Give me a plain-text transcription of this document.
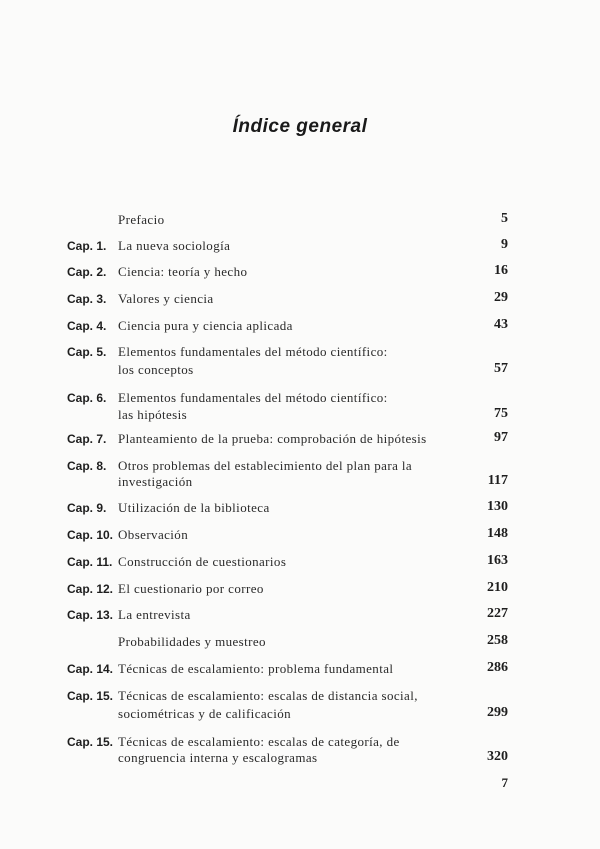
Índice general
Prefacio	5
Cap. 1. La nueva sociología	9
Cap. 2. Ciencia: teoría y hecho	16
Cap. 3. Valores y ciencia	29
Cap. 4. Ciencia pura y ciencia aplicada	43
Cap. 5. Elementos fundamentales del método científico:
los conceptos	57
Cap. 6. Elementos fundamentales del método científico:
las hipótesis	75
Cap. 7. Planteamiento de la prueba: comprobación de hipótesis	97
Cap. 8. Otros problemas del establecimiento del plan para la
investigación	117
Cap. 9. Utilización de la biblioteca	130
Cap. 10. Observación	148
Cap. 11. Construcción de cuestionarios	163
Cap. 12. El cuestionario por correo	210
Cap. 13. La entrevista	227
Probabilidades y muestreo	258
Cap. 14. Técnicas de escalamiento: problema fundamental	286
Cap. 15. Técnicas de escalamiento: escalas de distancia social,
sociométricas y de calificación	299
Cap. 15. Técnicas de escalamiento: escalas de categoría, de
congruencia interna y escalogramas	320
7
